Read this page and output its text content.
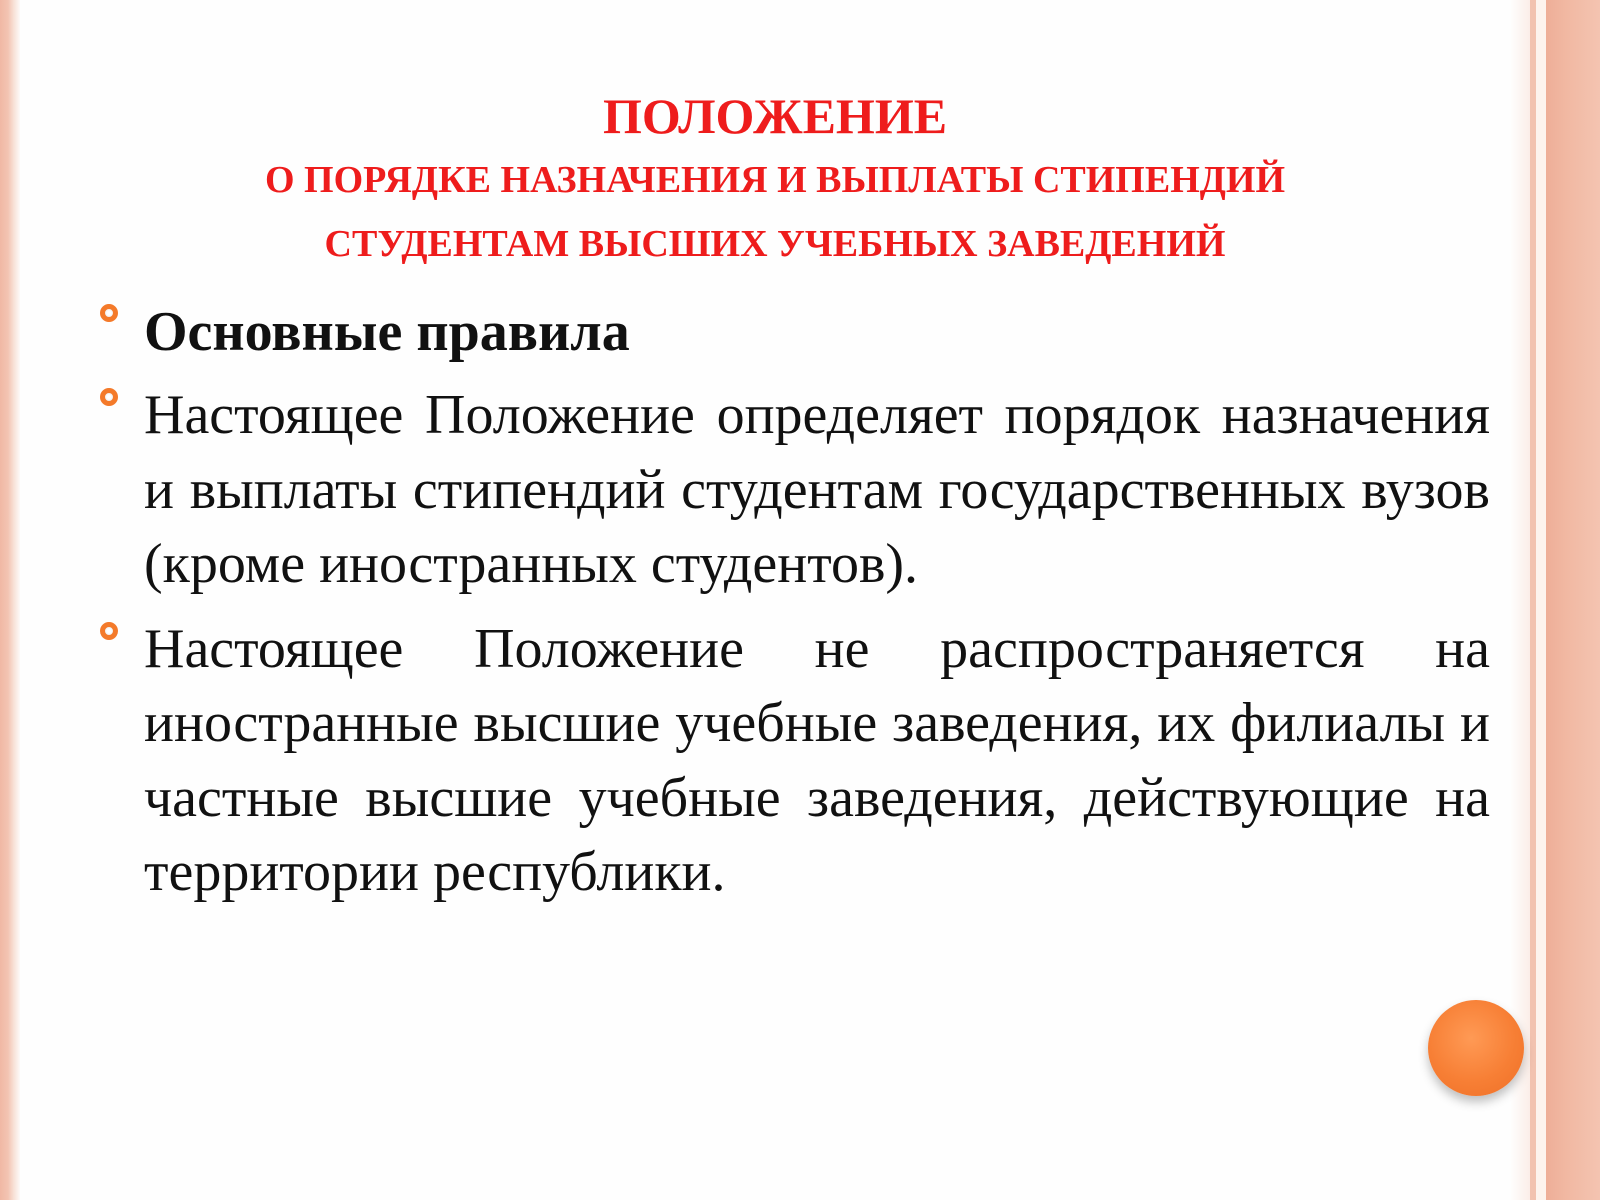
ПОЛОЖЕНИЕ
О ПОРЯДКЕ НАЗНАЧЕНИЯ И ВЫПЛАТЫ СТИПЕНДИЙ
СТУДЕНТАМ ВЫСШИХ УЧЕБНЫХ ЗАВЕДЕНИЙ

Основные правила

Настоящее Положение определяет порядок назначения и выплаты стипендий студентам государственных вузов (кроме иностранных студентов).

Настоящее Положение не распространяется на иностранные высшие учебные заведения, их филиалы и частные высшие учебные заведения, действующие на территории республики.
